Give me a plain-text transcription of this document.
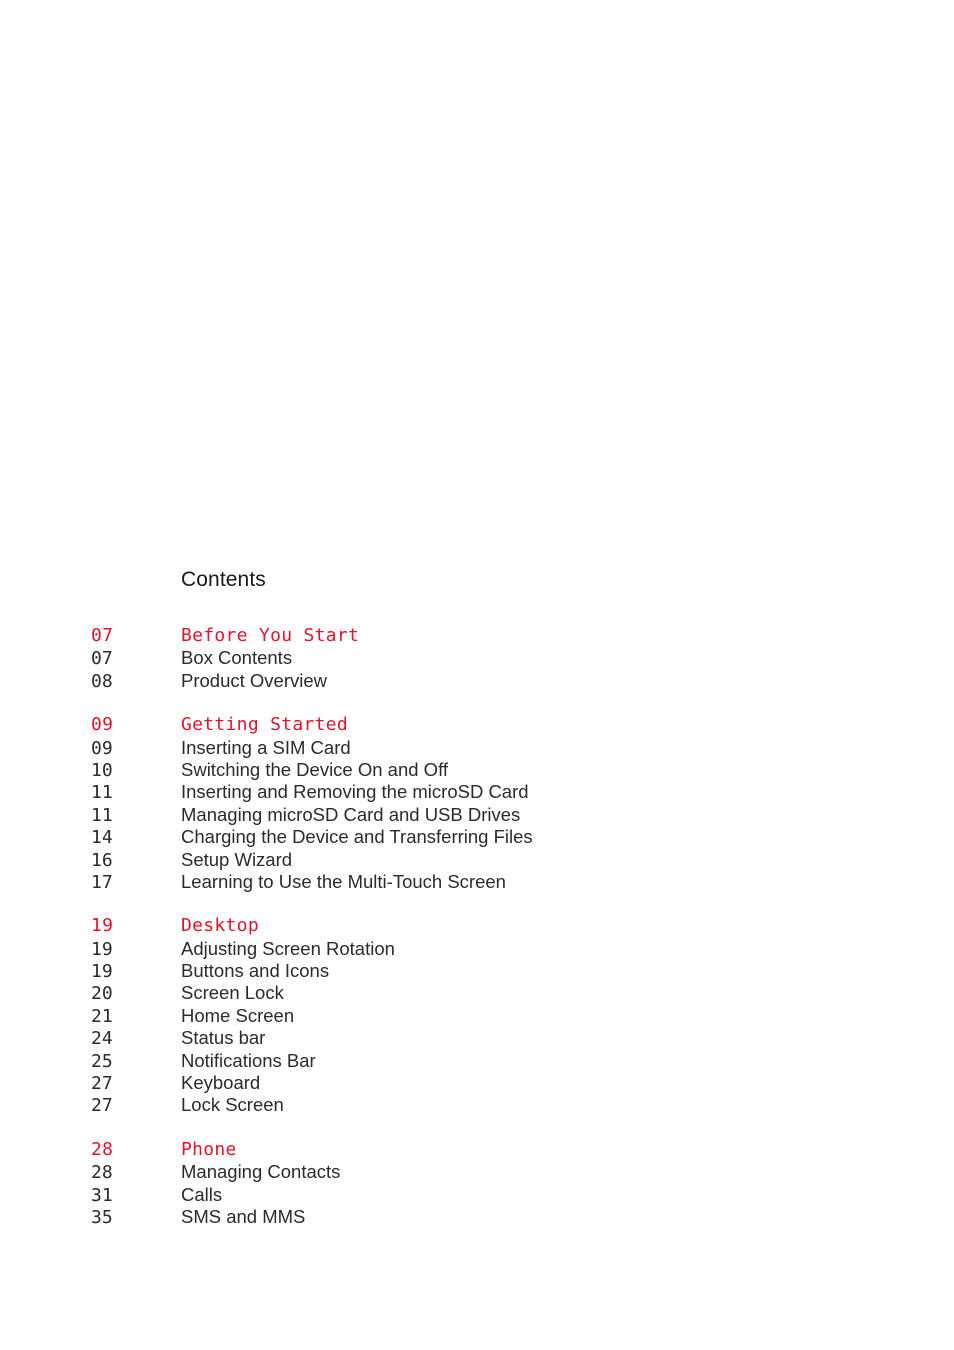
Contents
07	Before You Start
07	Box Contents
08	Product Overview
09	Getting Started
09	Inserting a SIM Card
10	Switching the Device On and Off
11	Inserting and Removing the microSD Card
11	Managing microSD Card and USB Drives
14	Charging the Device and Transferring Files
16	Setup Wizard
17	Learning to Use the Multi-Touch Screen
19	Desktop
19	Adjusting Screen Rotation
19	Buttons and Icons
20	Screen Lock
21	Home Screen
24	Status bar
25	Notifications Bar
27	Keyboard
27	Lock Screen
28	Phone
28	Managing Contacts
31	Calls
35	SMS and MMS
